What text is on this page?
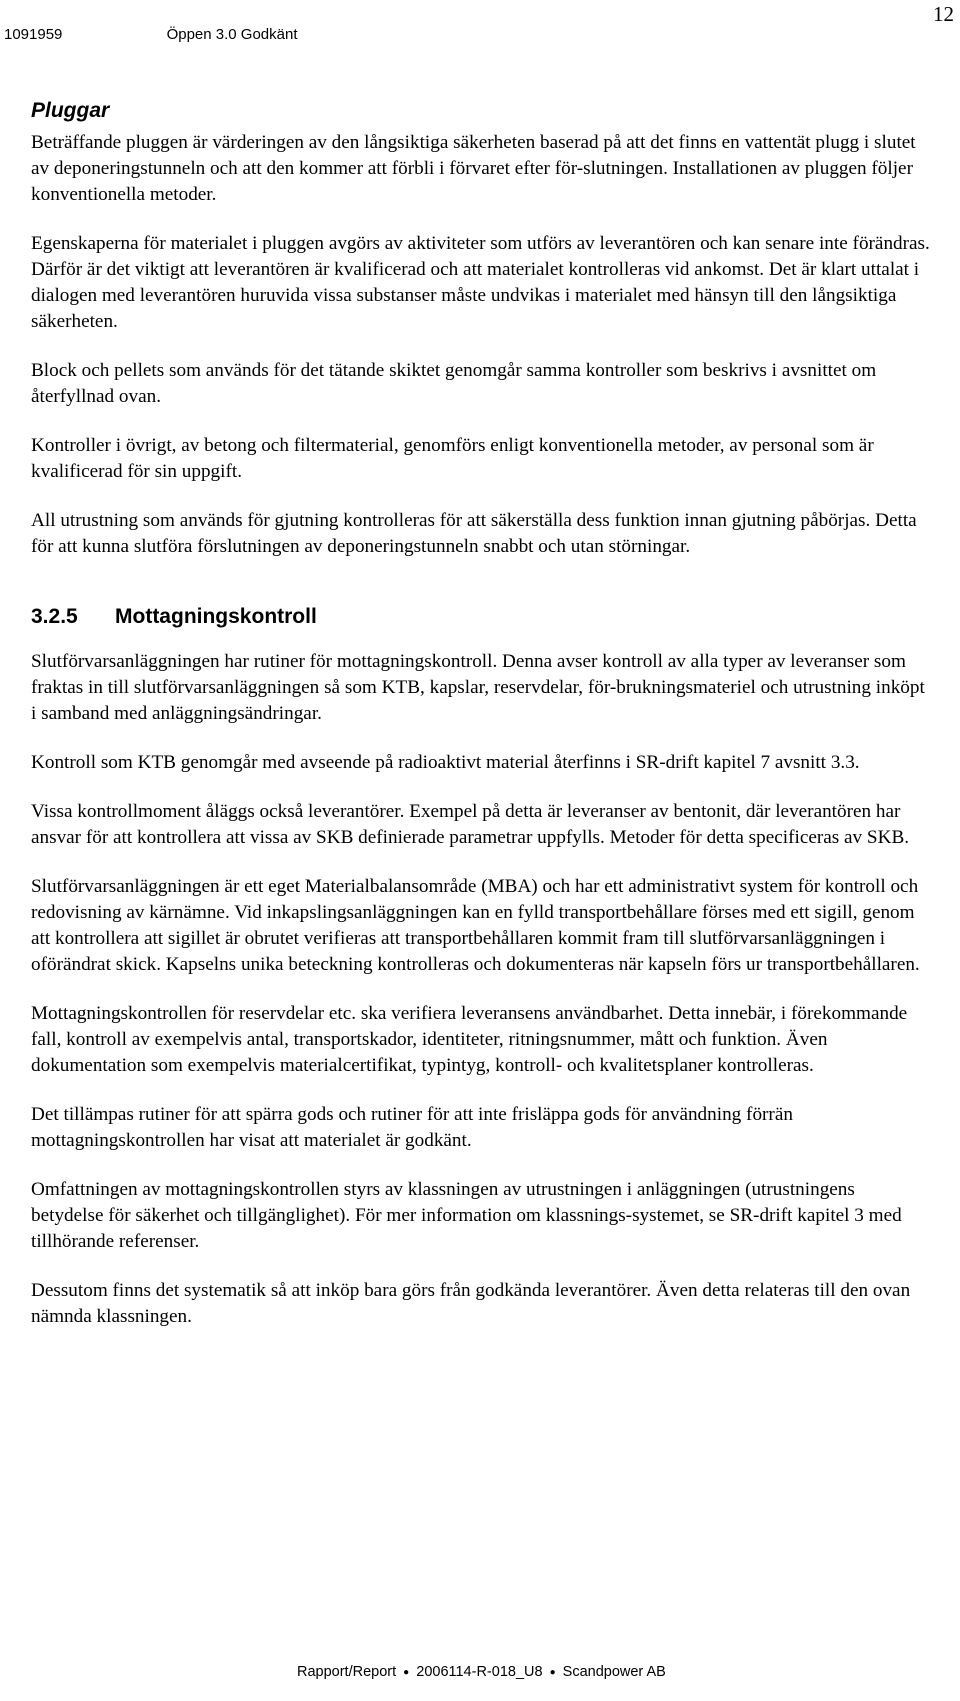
1091959	Öppen 3.0 Godkänt
12
Pluggar

Beträffande pluggen är värderingen av den långsiktiga säkerheten baserad på att det finns en vattentät plugg i slutet av deponeringstunneln och att den kommer att förbli i förvaret efter för-slutningen. Installationen av pluggen följer konventionella metoder.

Egenskaperna för materialet i pluggen avgörs av aktiviteter som utförs av leverantören och kan senare inte förändras. Därför är det viktigt att leverantören är kvalificerad och att materialet kontrolleras vid ankomst. Det är klart uttalat i dialogen med leverantören huruvida vissa substanser måste undvikas i materialet med hänsyn till den långsiktiga säkerheten.

Block och pellets som används för det tätande skiktet genomgår samma kontroller som beskrivs i avsnittet om återfyllnad ovan.

Kontroller i övrigt, av betong och filtermaterial, genomförs enligt konventionella metoder, av personal som är kvalificerad för sin uppgift.

All utrustning som används för gjutning kontrolleras för att säkerställa dess funktion innan gjutning påbörjas. Detta för att kunna slutföra förslutningen av deponeringstunneln snabbt och utan störningar.

3.2.5 Mottagningskontroll

Slutförvarsanläggningen har rutiner för mottagningskontroll. Denna avser kontroll av alla typer av leveranser som fraktas in till slutförvarsanläggningen så som KTB, kapslar, reservdelar, för-brukningsmateriel och utrustning inköpt i samband med anläggningsändringar.

Kontroll som KTB genomgår med avseende på radioaktivt material återfinns i SR-drift kapitel 7 avsnitt 3.3.

Vissa kontrollmoment åläggs också leverantörer. Exempel på detta är leveranser av bentonit, där leverantören har ansvar för att kontrollera att vissa av SKB definierade parametrar uppfylls. Metoder för detta specificeras av SKB.

Slutförvarsanläggningen är ett eget Materialbalansområde (MBA) och har ett administrativt system för kontroll och redovisning av kärnämne. Vid inkapslingsanläggningen kan en fylld transportbehållare förses med ett sigill, genom att kontrollera att sigillet är obrutet verifieras att transportbehållaren kommit fram till slutförvarsanläggningen i oförändrat skick. Kapselns unika beteckning kontrolleras och dokumenteras när kapseln förs ur transportbehållaren.

Mottagningskontrollen för reservdelar etc. ska verifiera leveransens användbarhet. Detta innebär, i förekommande fall, kontroll av exempelvis antal, transportskador, identiteter, ritningsnummer, mått och funktion. Även dokumentation som exempelvis materialcertifikat, typintyg, kontroll- och kvalitetsplaner kontrolleras.

Det tillämpas rutiner för att spärra gods och rutiner för att inte frisläppa gods för användning förrän mottagningskontrollen har visat att materialet är godkänt.

Omfattningen av mottagningskontrollen styrs av klassningen av utrustningen i anläggningen (utrustningens betydelse för säkerhet och tillgänglighet). För mer information om klassnings-systemet, se SR-drift kapitel 3 med tillhörande referenser.

Dessutom finns det systematik så att inköp bara görs från godkända leverantörer. Även detta relateras till den ovan nämnda klassningen.

Rapport/Report ● 2006114-R-018_U8 ● Scandpower AB
